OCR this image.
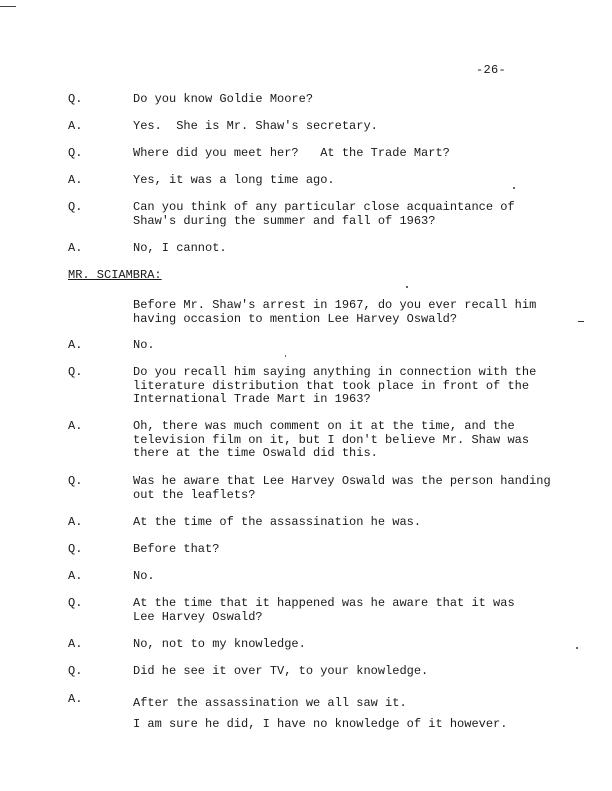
-26-
Q.	Do you know Goldie Moore?
A.	Yes.  She is Mr. Shaw's secretary.
Q.	Where did you meet her?   At the Trade Mart?
A.	Yes, it was a long time ago.
Q.	Can you think of any particular close acquaintance of
Shaw's during the summer and fall of 1963?
A.	No, I cannot.
MR. SCIAMBRA:
Before Mr. Shaw's arrest in 1967, do you ever recall him
having occasion to mention Lee Harvey Oswald?
A.	No.
Q.	Do you recall him saying anything in connection with the
literature distribution that took place in front of the
International Trade Mart in 1963?
A.	Oh, there was much comment on it at the time, and the
television film on it, but I don't believe Mr. Shaw was
there at the time Oswald did this.
Q.	Was he aware that Lee Harvey Oswald was the person handing
out the leaflets?
A.	At the time of the assassination he was.
Q.	Before that?
A.	No.
Q.	At the time that it happened was he aware that it was
Lee Harvey Oswald?
A.	No, not to my knowledge.
Q.	Did he see it over TV, to your knowledge.
A.	After the assassination we all saw it.
I am sure he did, I have no knowledge of it however.
